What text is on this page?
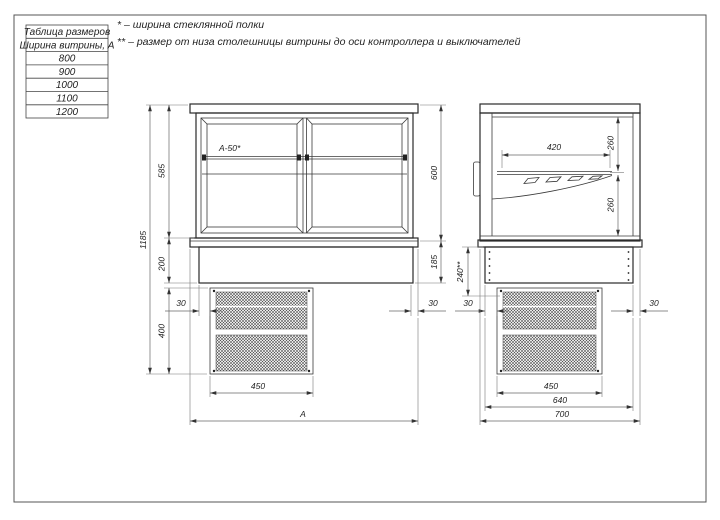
Таблица размеров
Ширина витрины, А
800
900
1000
1100
1200
* – ширина стеклянной полки
** – размер от низа столешницы витрины до оси контроллера и выключателей
A-50*
1185
585
200
400
600
185
30	30
450
A
420	260
260
240**
30	30
450
640
700
